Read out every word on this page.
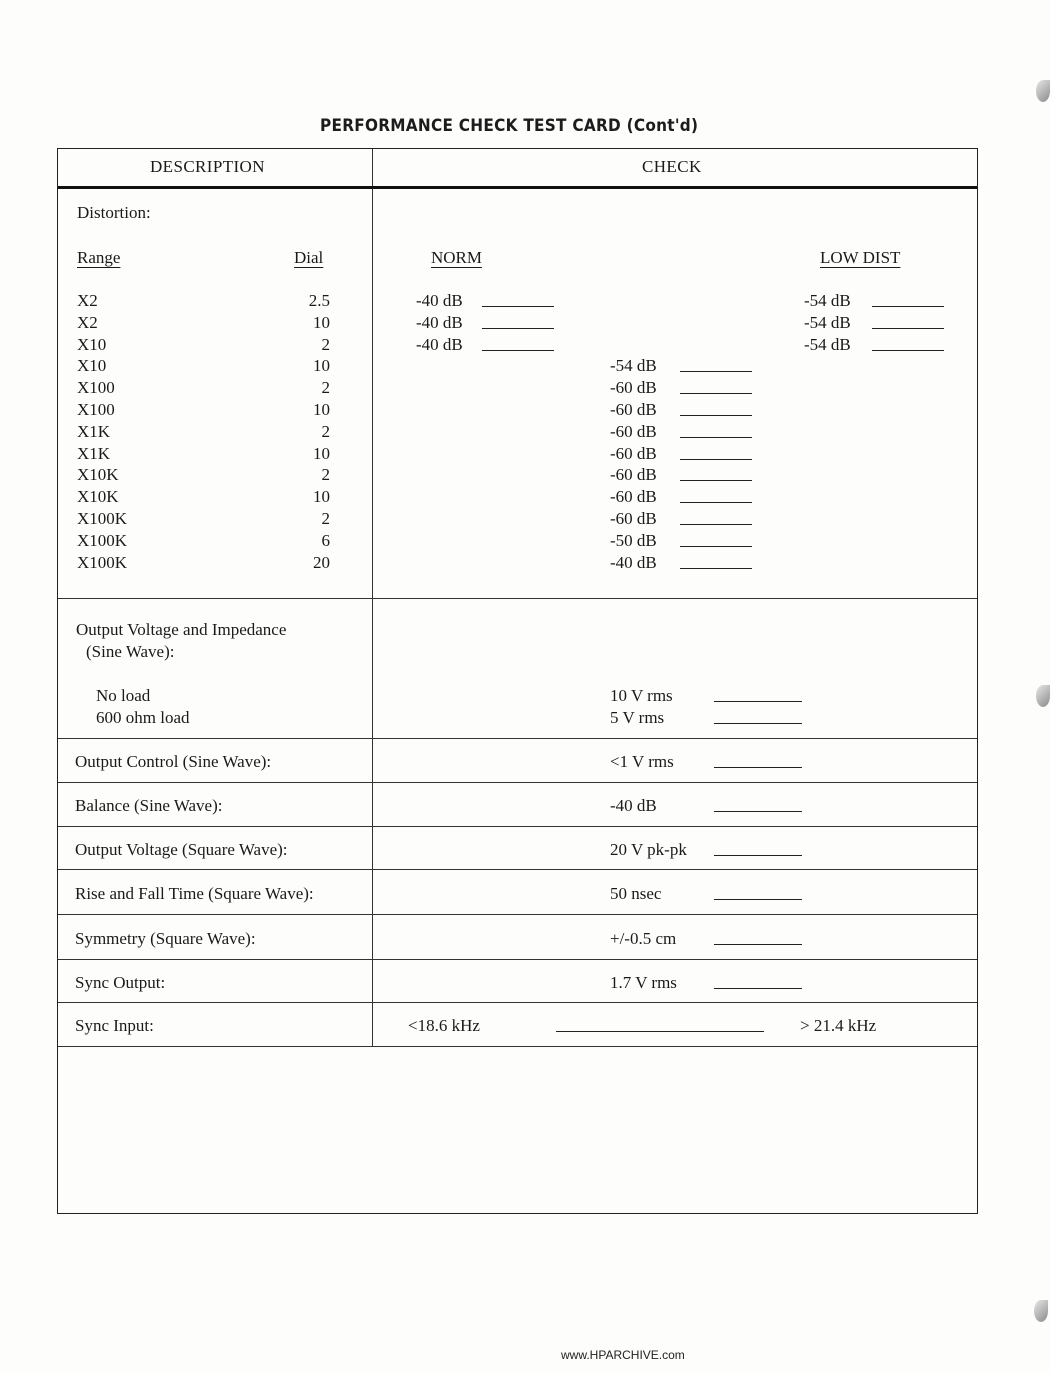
PERFORMANCE CHECK TEST CARD (Cont'd)
DESCRIPTION	CHECK
Distortion:
Range	Dial	NORM	LOW DIST
X2	2.5	-40 dB	-54 dB
X2	10	-40 dB	-54 dB
X10	2	-40 dB	-54 dB
X10	10	-54 dB
X100	2	-60 dB
X100	10	-60 dB
X1K	2	-60 dB
X1K	10	-60 dB
X10K	2	-60 dB
X10K	10	-60 dB
X100K	2	-60 dB
X100K	6	-50 dB
X100K	20	-40 dB
Output Voltage and Impedance
(Sine Wave):
No load	10 V rms
600 ohm load	5 V rms
Output Control (Sine Wave):	<1 V rms
Balance (Sine Wave):	-40 dB
Output Voltage (Square Wave):	20 V pk-pk
Rise and Fall Time (Square Wave):	50 nsec
Symmetry (Square Wave):	+/-0.5 cm
Sync Output:	1.7 V rms
Sync Input:	<18.6 kHz	> 21.4 kHz
www.HPARCHIVE.com
